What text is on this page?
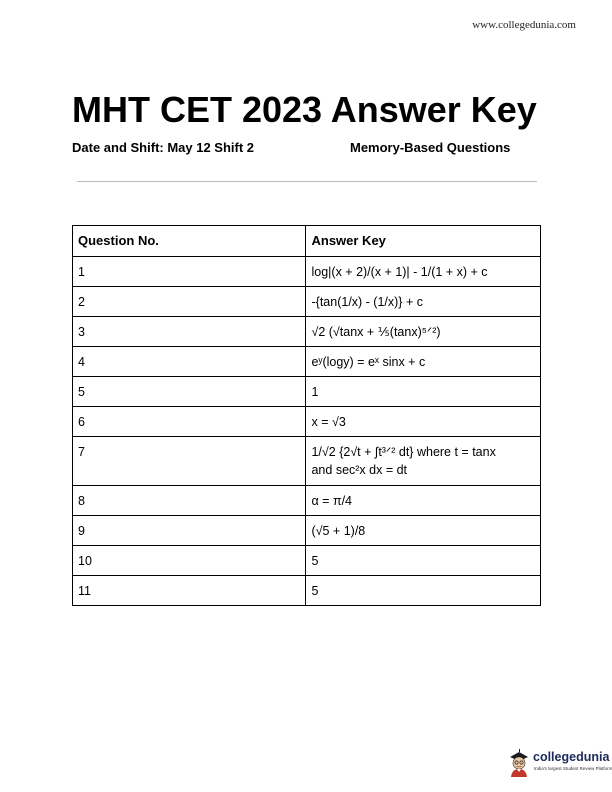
www.collegedunia.com
MHT CET 2023 Answer Key
Date and Shift: May 12 Shift 2	Memory-Based Questions
Question No.	Answer Key
1	log|(x + 2)/(x + 1)| - 1/(1 + x) + c
2	-{tan(1/x) - (1/x)} + c
3	√2 (√tanx + ⅕(tanx)⁵ᐟ²)
4	eʸ(logy) = eˣ sinx + c
5	1
6	x = √3
7	1/√2 {2√t + ∫t³ᐟ² dt} where t = tanx
and sec²x dx = dt
8	α = π/4
9	(√5 + 1)/8
10	5
11	5
collegedunia
India's largest Student Review Platform
